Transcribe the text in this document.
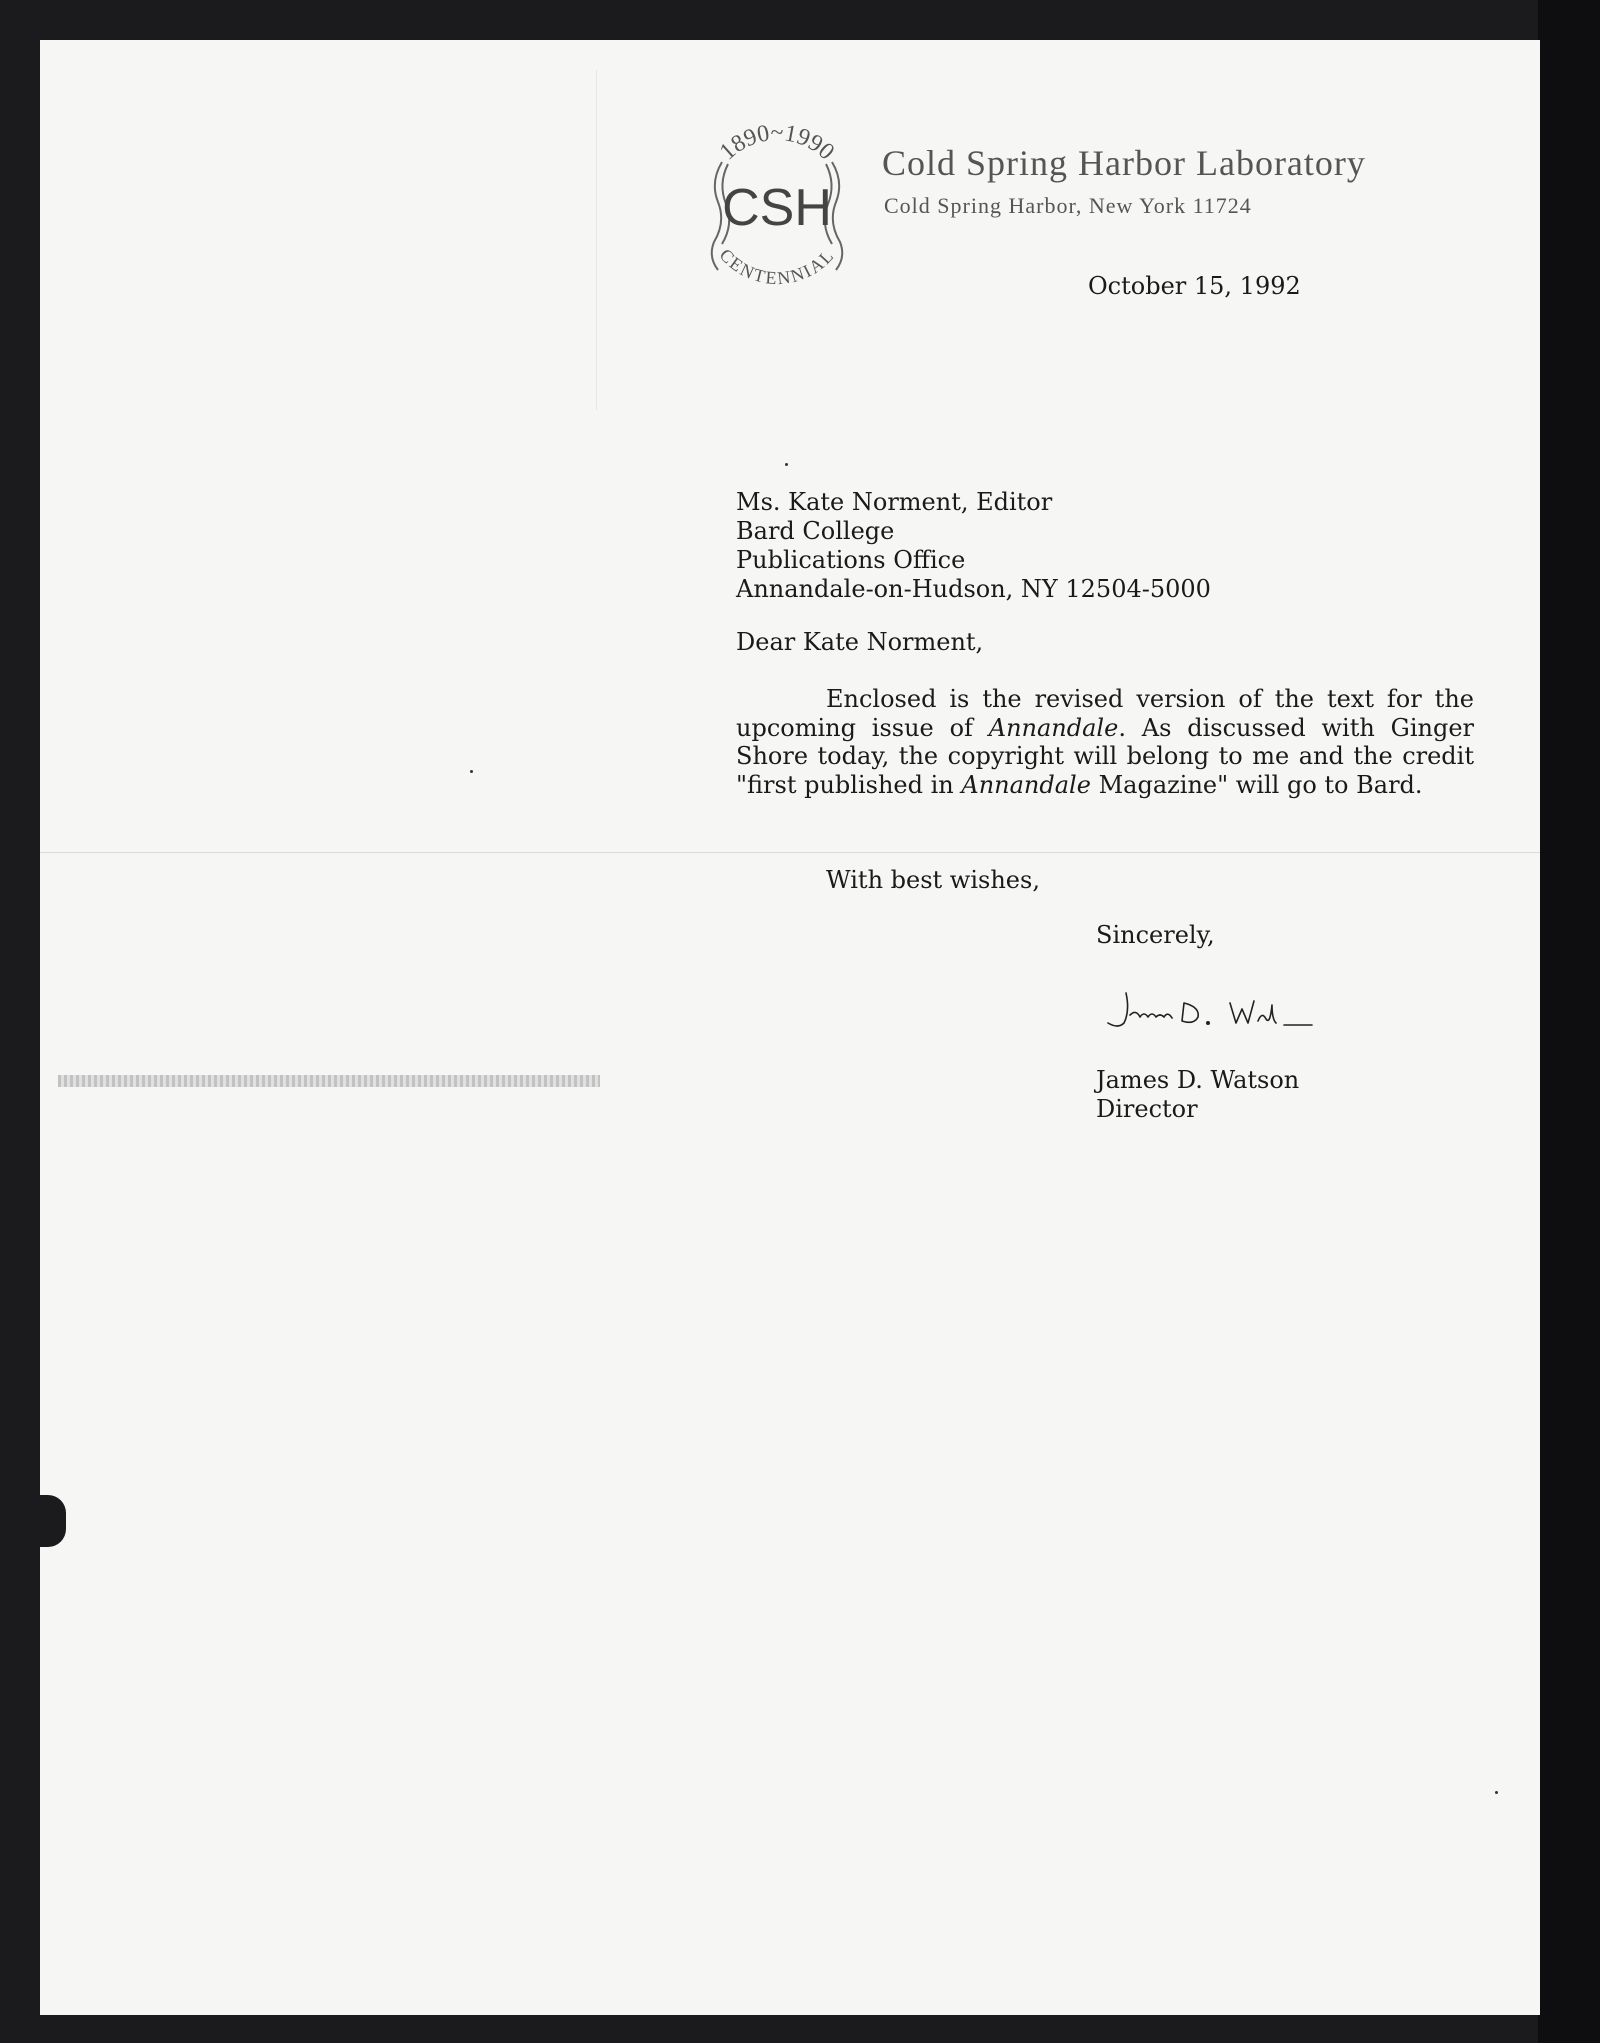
1890~1990
CSH
CENTENNIAL
Cold Spring Harbor Laboratory
Cold Spring Harbor, New York 11724
October 15, 1992
Ms. Kate Norment, Editor
Bard College
Publications Office
Annandale-on-Hudson, NY 12504-5000
Dear Kate Norment,
Enclosed is the revised version of the text for the upcoming issue of Annandale. As discussed with Ginger Shore today, the copyright will belong to me and the credit "first published in Annandale Magazine" will go to Bard.
With best wishes,
Sincerely,
James D. Watson
Director
